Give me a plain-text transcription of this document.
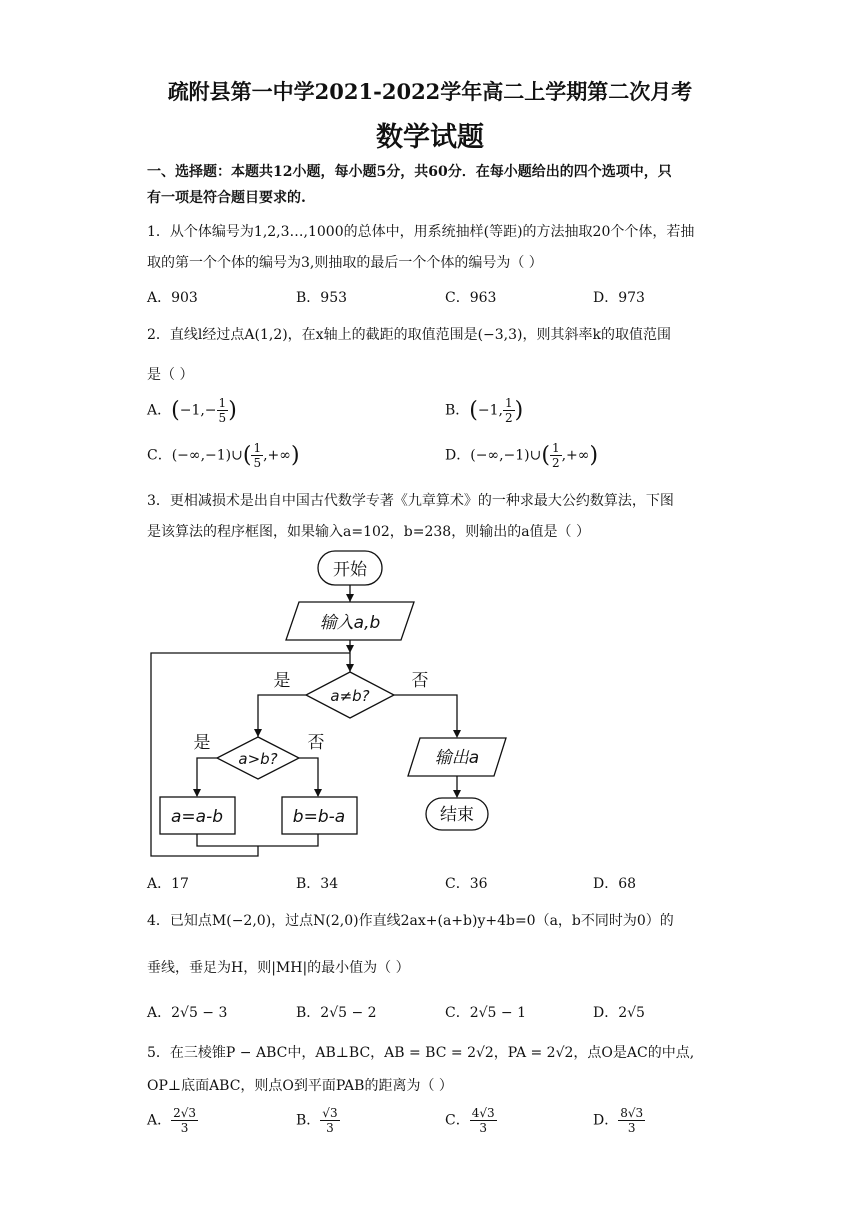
疏附县第一中学2021-2022学年高二上学期第二次月考
数学试题
一、选择题：本题共12小题，每小题5分，共60分．在每小题给出的四个选项中，只
有一项是符合题目要求的.
1．从个体编号为1,2,3…,1000的总体中，用系统抽样(等距)的方法抽取20个个体，若抽
取的第一个个体的编号为3,则抽取的最后一个个体的编号为（ ）
A．903	B．953	C．963	D．973
2．直线l经过点A(1,2)，在x轴上的截距的取值范围是(−3,3)，则其斜率k的取值范围
是（ ）
A．($-1,- \frac{1}{5}$ )	B．(−1, $\frac{1}{2}$ )
C．(−∞,−1)∪( $\frac{1}{5}$ ,+∞)	D．(−∞,−1)∪( $\frac{1}{2}$ ,+∞)
3．更相减损术是出自中国古代数学专著《九章算术》的一种求最大公约数算法，下图
是该算法的程序框图，如果输入a=102，b=238，则输出的a值是（ ）
开始
输入a,b
a≠b?
是	否
a>b?
是	否
a=a-b	b=b-a
输出a
结束
A．17	B．34	C．36	D．68
4．已知点M(−2,0)，过点N(2,0)作直线2ax+(a+b)y+4b=0（a，b不同时为0）的
垂线，垂足为H，则|MH|的最小值为（ ）
A．2√5 − 3	B．2√5 − 2	C．2√5 − 1	D．2√5
5．在三棱锥P − ABC中，AB⊥BC，AB = BC = 2√2，PA = 2√2，点O是AC的中点,
OP⊥底面ABC，则点O到平面PAB的距离为（ ）
A． $\frac{2√3}{3}$	B． $\frac{√3}{3}$	C． $\frac{4√3}{3}$	D． $\frac{8√3}{3}$
